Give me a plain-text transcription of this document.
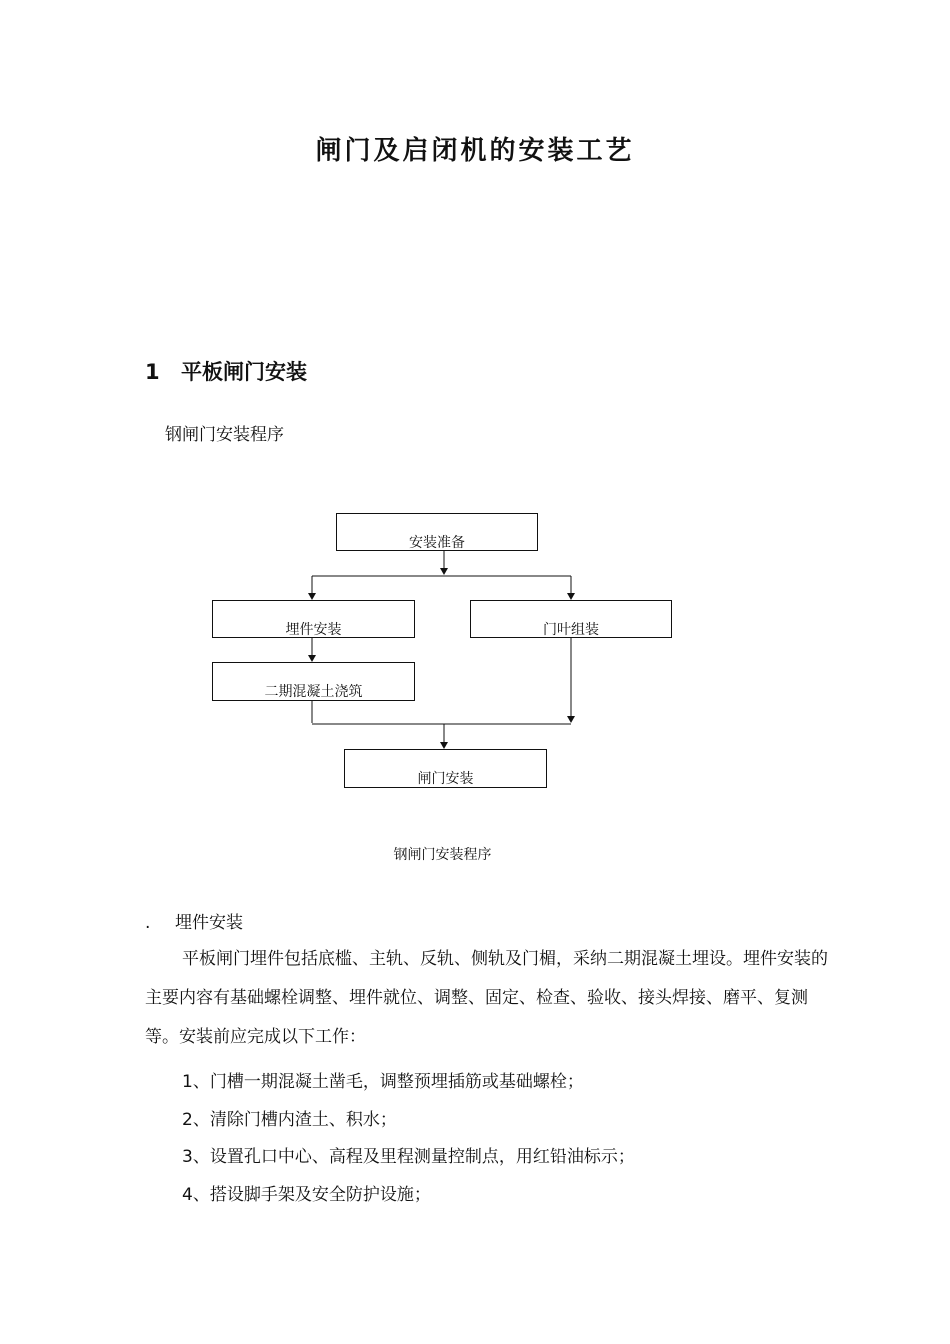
闸门及启闭机的安装工艺
1 平板闸门安装
钢闸门安装程序
安装准备
埋件安装	门叶组装
二期混凝土浇筑
闸门安装
钢闸门安装程序
. 埋件安装
平板闸门埋件包括底槛、主轨、反轨、侧轨及门楣，采纳二期混凝土埋设。埋件安装的主要内容有基础螺栓调整、埋件就位、调整、固定、检查、验收、接头焊接、磨平、复测等。安装前应完成以下工作：
1、门槽一期混凝土凿毛，调整预埋插筋或基础螺栓；
2、清除门槽内渣土、积水；
3、设置孔口中心、高程及里程测量控制点，用红铅油标示；
4、搭设脚手架及安全防护设施；
